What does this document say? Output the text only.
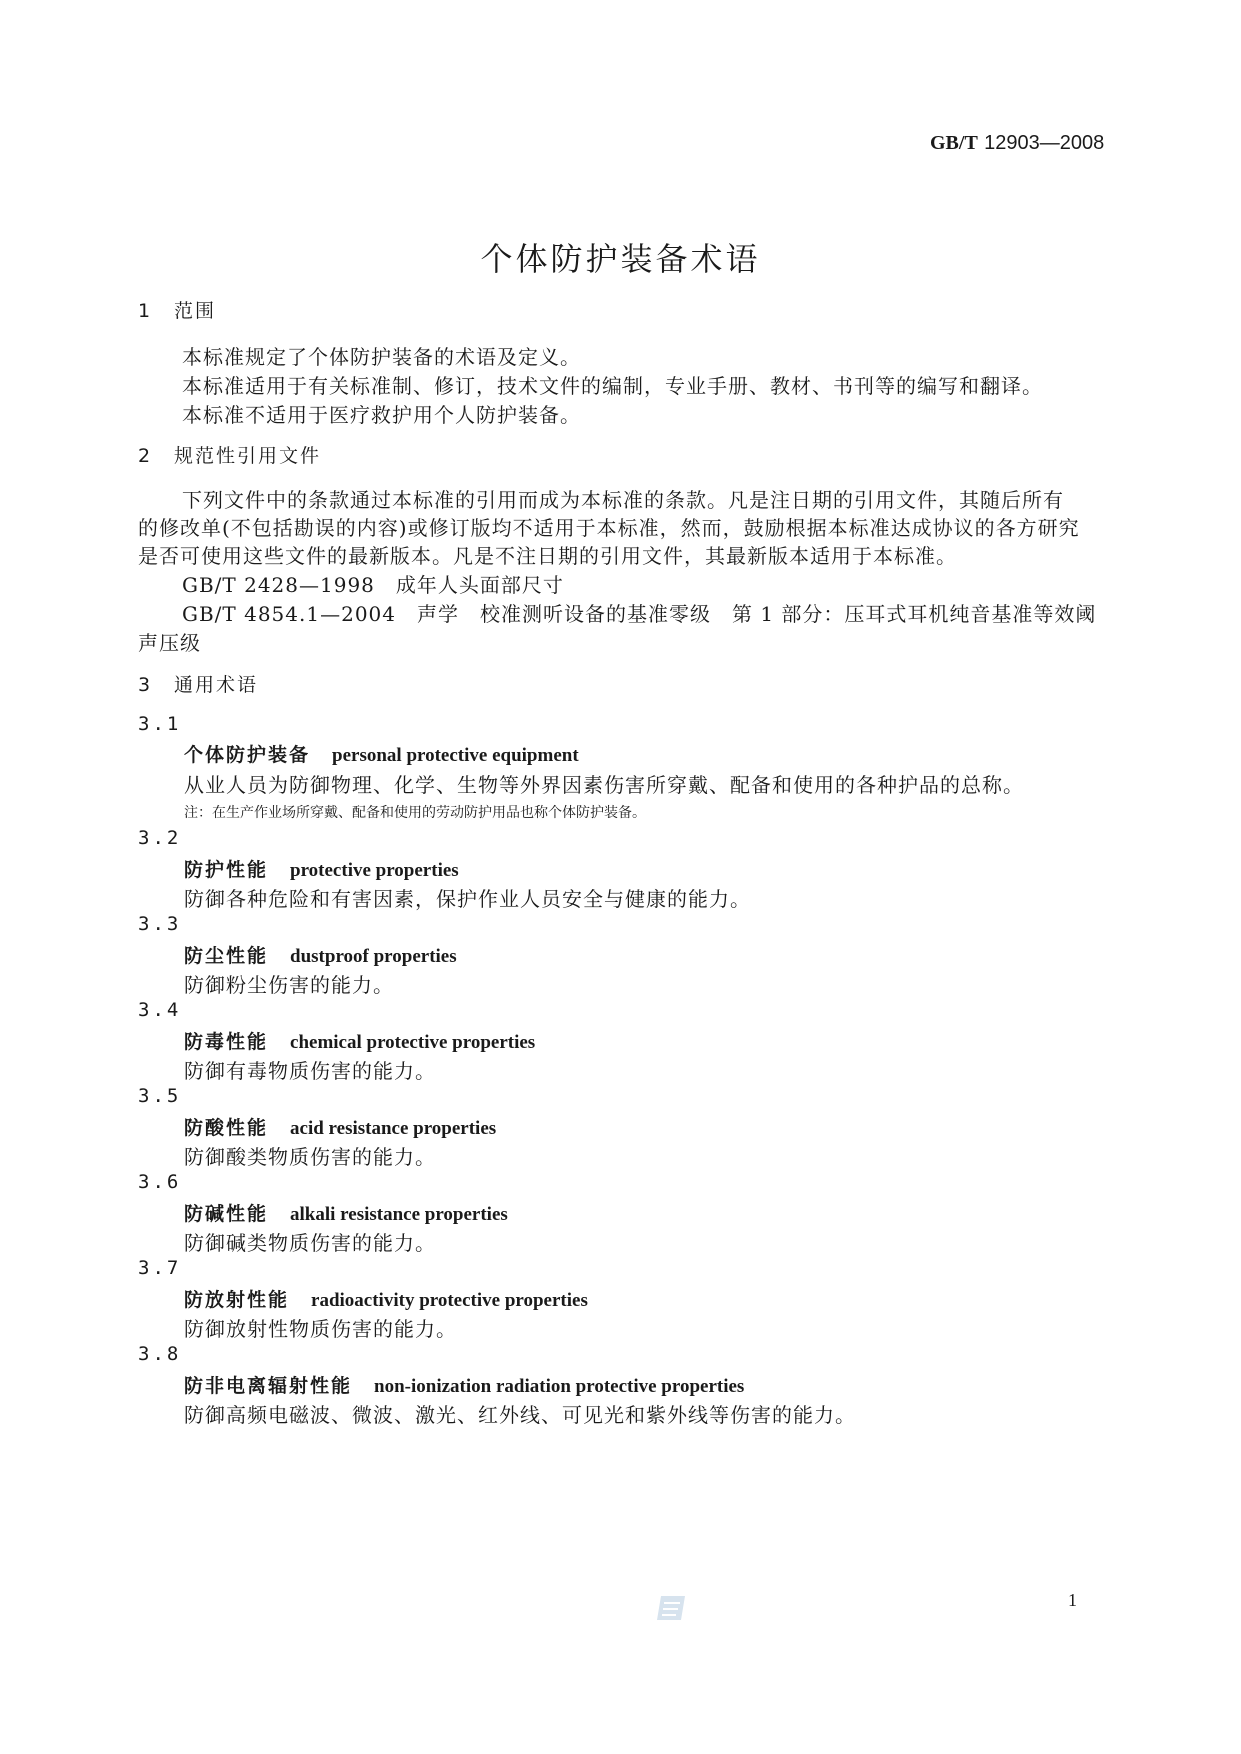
GB/T 12903—2008
个体防护装备术语
1 范围
本标准规定了个体防护装备的术语及定义。
本标准适用于有关标准制、修订，技术文件的编制，专业手册、教材、书刊等的编写和翻译。
本标准不适用于医疗救护用个人防护装备。
2 规范性引用文件
下列文件中的条款通过本标准的引用而成为本标准的条款。凡是注日期的引用文件，其随后所有
的修改单(不包括勘误的内容)或修订版均不适用于本标准，然而，鼓励根据本标准达成协议的各方研究
是否可使用这些文件的最新版本。凡是不注日期的引用文件，其最新版本适用于本标准。
GB/T 2428—1998　成年人头面部尺寸
GB/T 4854.1—2004　声学　校准测听设备的基准零级　第 1 部分：压耳式耳机纯音基准等效阈
声压级
3 通用术语
3.1
个体防护装备 personal protective equipment
从业人员为防御物理、化学、生物等外界因素伤害所穿戴、配备和使用的各种护品的总称。
注：在生产作业场所穿戴、配备和使用的劳动防护用品也称个体防护装备。
3.2
防护性能 protective properties
防御各种危险和有害因素，保护作业人员安全与健康的能力。
3.3
防尘性能 dustproof properties
防御粉尘伤害的能力。
3.4
防毒性能 chemical protective properties
防御有毒物质伤害的能力。
3.5
防酸性能 acid resistance properties
防御酸类物质伤害的能力。
3.6
防碱性能 alkali resistance properties
防御碱类物质伤害的能力。
3.7
防放射性能 radioactivity protective properties
防御放射性物质伤害的能力。
3.8
防非电离辐射性能 non-ionization radiation protective properties
防御高频电磁波、微波、激光、红外线、可见光和紫外线等伤害的能力。
1
